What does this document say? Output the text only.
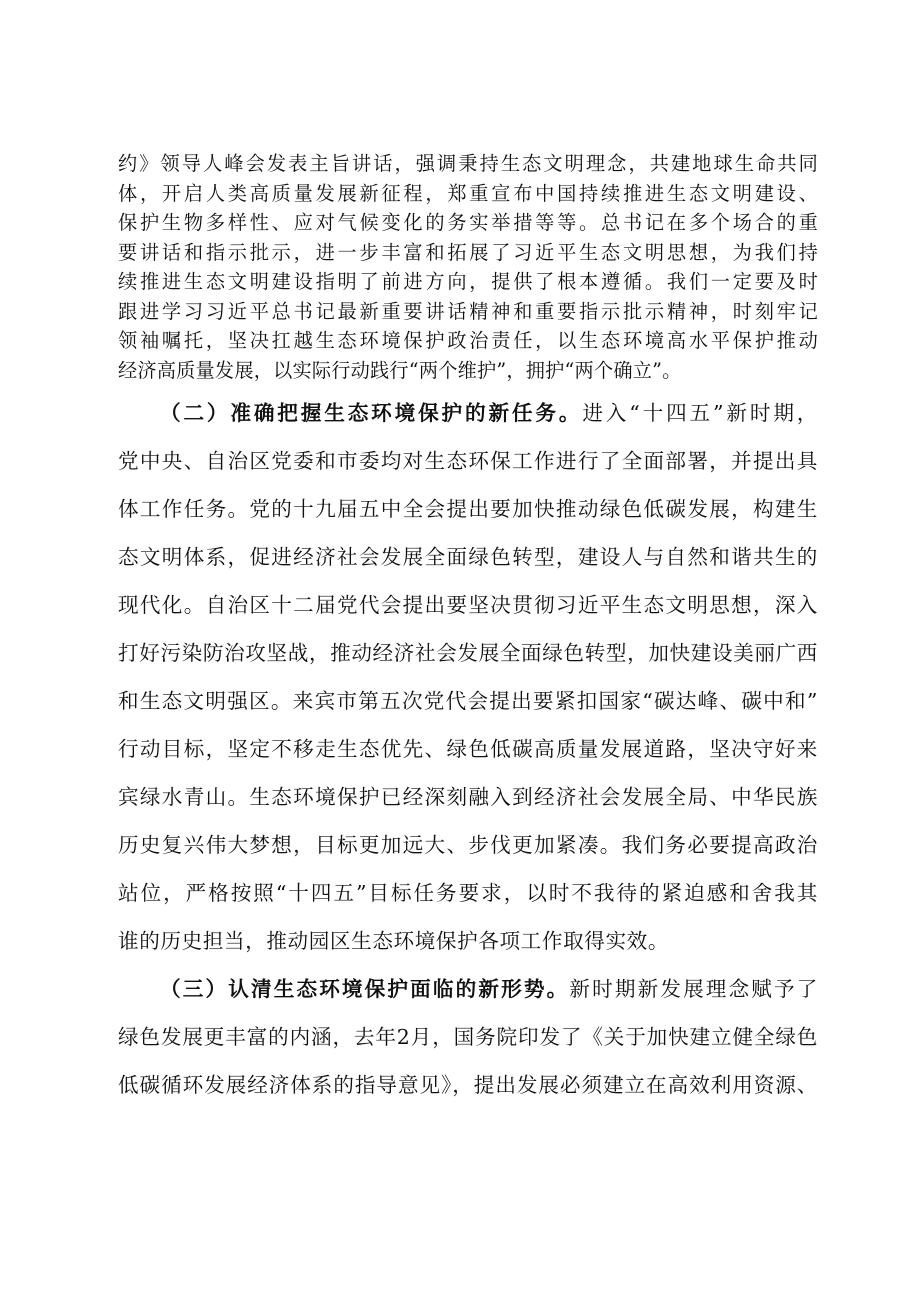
约》领导人峰会发表主旨讲话，强调秉持生态文明理念，共建地球生命共同
体，开启人类高质量发展新征程，郑重宣布中国持续推进生态文明建设、
保护生物多样性、应对气候变化的务实举措等等。总书记在多个场合的重
要讲话和指示批示，进一步丰富和拓展了习近平生态文明思想，为我们持
续推进生态文明建设指明了前进方向，提供了根本遵循。我们一定要及时
跟进学习习近平总书记最新重要讲话精神和重要指示批示精神，时刻牢记
领袖嘱托，坚决扛越生态环境保护政治责任，以生态环境高水平保护推动
经济高质量发展，以实际行动践行“两个维护”，拥护“两个确立”。
（二）准确把握生态环境保护的新任务。进入“十四五”新时期，
党中央、自治区党委和市委均对生态环保工作进行了全面部署，并提出具
体工作任务。党的十九届五中全会提出要加快推动绿色低碳发展，构建生
态文明体系，促进经济社会发展全面绿色转型，建设人与自然和谐共生的
现代化。自治区十二届党代会提出要坚决贯彻习近平生态文明思想，深入
打好污染防治攻坚战，推动经济社会发展全面绿色转型，加快建设美丽广西
和生态文明强区。来宾市第五次党代会提出要紧扣国家“碳达峰、碳中和”
行动目标，坚定不移走生态优先、绿色低碳高质量发展道路，坚决守好来
宾绿水青山。生态环境保护已经深刻融入到经济社会发展全局、中华民族
历史复兴伟大梦想，目标更加远大、步伐更加紧凑。我们务必要提高政治
站位，严格按照“十四五”目标任务要求，以时不我待的紧迫感和舍我其
谁的历史担当，推动园区生态环境保护各项工作取得实效。
（三）认清生态环境保护面临的新形势。新时期新发展理念赋予了
绿色发展更丰富的内涵，去年2月，国务院印发了《关于加快建立健全绿色
低碳循环发展经济体系的指导意见》，提出发展必须建立在高效利用资源、
